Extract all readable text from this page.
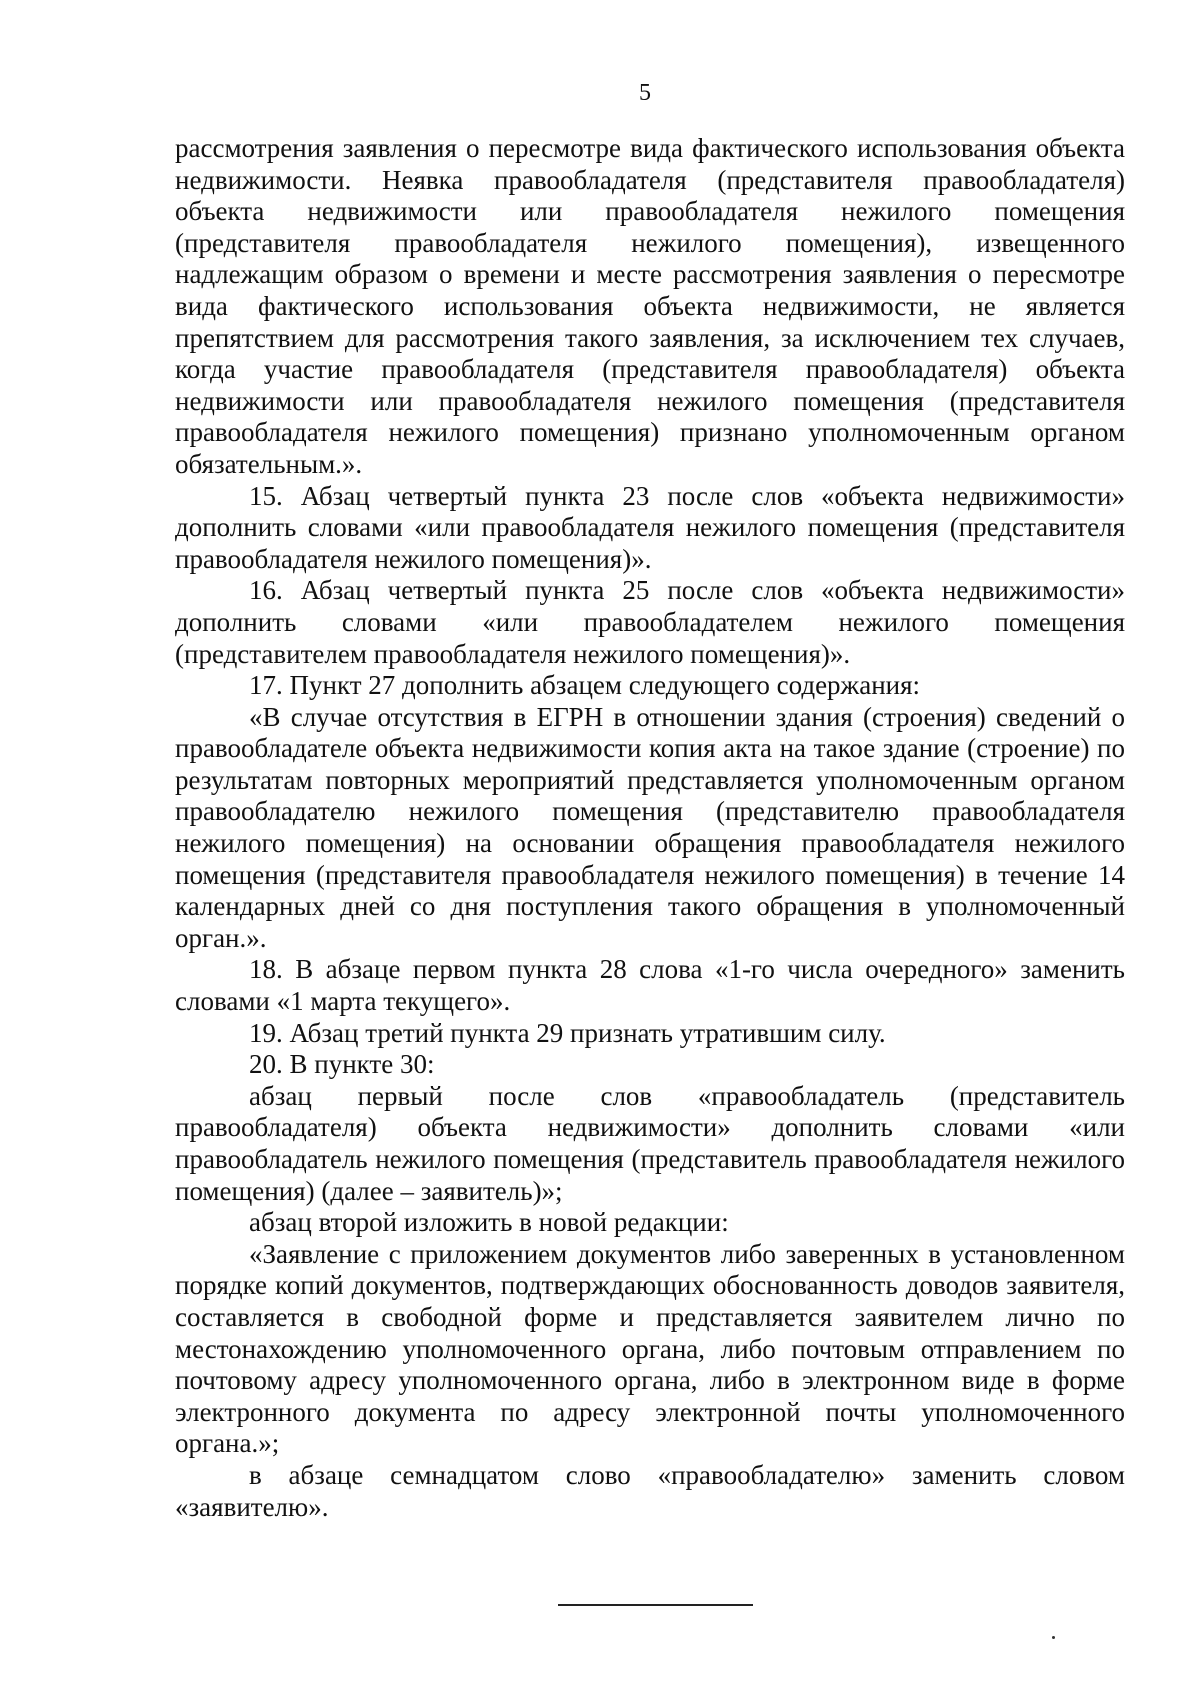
5

рассмотрения заявления о пересмотре вида фактического использования объекта недвижимости. Неявка правообладателя (представителя правообладателя) объекта недвижимости или правообладателя нежилого помещения (представителя правообладателя нежилого помещения), извещенного надлежащим образом о времени и месте рассмотрения заявления о пересмотре вида фактического использования объекта недвижимости, не является препятствием для рассмотрения такого заявления, за исключением тех случаев, когда участие правообладателя (представителя правообладателя) объекта недвижимости или правообладателя нежилого помещения (представителя правообладателя нежилого помещения) признано уполномоченным органом обязательным.».

15. Абзац четвертый пункта 23 после слов «объекта недвижимости» дополнить словами «или правообладателя нежилого помещения (представителя правообладателя нежилого помещения)».

16. Абзац четвертый пункта 25 после слов «объекта недвижимости» дополнить словами «или правообладателем нежилого помещения (представителем правообладателя нежилого помещения)».

17. Пункт 27 дополнить абзацем следующего содержания:

«В случае отсутствия в ЕГРН в отношении здания (строения) сведений о правообладателе объекта недвижимости копия акта на такое здание (строение) по результатам повторных мероприятий представляется уполномоченным органом правообладателю нежилого помещения (представителю правообладателя нежилого помещения) на основании обращения правообладателя нежилого помещения (представителя правообладателя нежилого помещения) в течение 14 календарных дней со дня поступления такого обращения в уполномоченный орган.».

18. В абзаце первом пункта 28 слова «1-го числа очередного» заменить словами «1 марта текущего».

19. Абзац третий пункта 29 признать утратившим силу.

20. В пункте 30:

абзац первый после слов «правообладатель (представитель правообладателя) объекта недвижимости» дополнить словами «или правообладатель нежилого помещения (представитель правообладателя нежилого помещения) (далее – заявитель)»;

абзац второй изложить в новой редакции:

«Заявление с приложением документов либо заверенных в установленном порядке копий документов, подтверждающих обоснованность доводов заявителя, составляется в свободной форме и представляется заявителем лично по местонахождению уполномоченного органа, либо почтовым отправлением по почтовому адресу уполномоченного органа, либо в электронном виде в форме электронного документа по адресу электронной почты уполномоченного органа.»;

в абзаце семнадцатом слово «правообладателю» заменить словом «заявителю».
